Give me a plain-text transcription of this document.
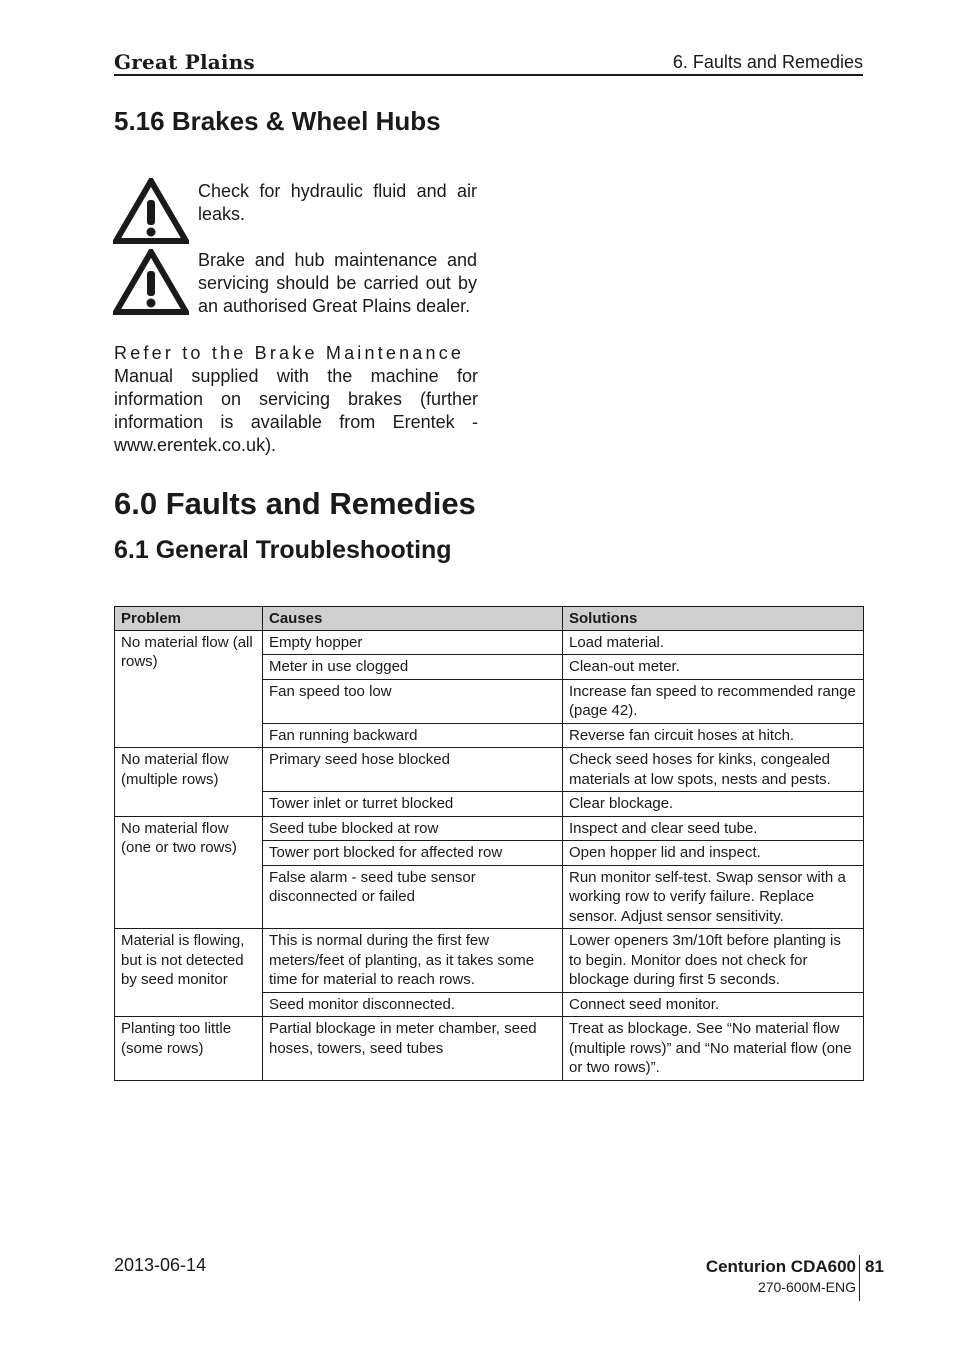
Great Plains	6. Faults and Remedies
5.16 Brakes & Wheel Hubs
Check for hydraulic fluid and air leaks.
Brake and hub maintenance and servicing should be carried out by an authorised Great Plains dealer.
Refer to the Brake Maintenance
Manual supplied with the machine for information on servicing brakes (further information is available from Erentek - www.erentek.co.uk).
6.0 Faults and Remedies
6.1 General Troubleshooting
Problem	Causes	Solutions
No material flow (all rows)	Empty hopper	Load material.
	Meter in use clogged	Clean-out meter.
	Fan speed too low	Increase fan speed to recommended range (page 42).
	Fan running backward	Reverse fan circuit hoses at hitch.
No material flow (multiple rows)	Primary seed hose blocked	Check seed hoses for kinks, congealed materials at low spots, nests and pests.
	Tower inlet or turret blocked	Clear blockage.
No material flow (one or two rows)	Seed tube blocked at row	Inspect and clear seed tube.
	Tower port blocked for affected row	Open hopper lid and inspect.
	False alarm - seed tube sensor disconnected or failed	Run monitor self-test. Swap sensor with a working row to verify failure. Replace sensor. Adjust sensor sensitivity.
Material is flowing, but is not detected by seed monitor	This is normal during the first few meters/feet of planting, as it takes some time for material to reach rows.	Lower openers 3m/10ft before planting is to begin. Monitor does not check for blockage during first 5 seconds.
	Seed monitor disconnected.	Connect seed monitor.
Planting too little (some rows)	Partial blockage in meter chamber, seed hoses, towers, seed tubes	Treat as blockage. See “No material flow (multiple rows)” and “No material flow (one or two rows)”.
2013-06-14	Centurion CDA600 81
270-600M-ENG
